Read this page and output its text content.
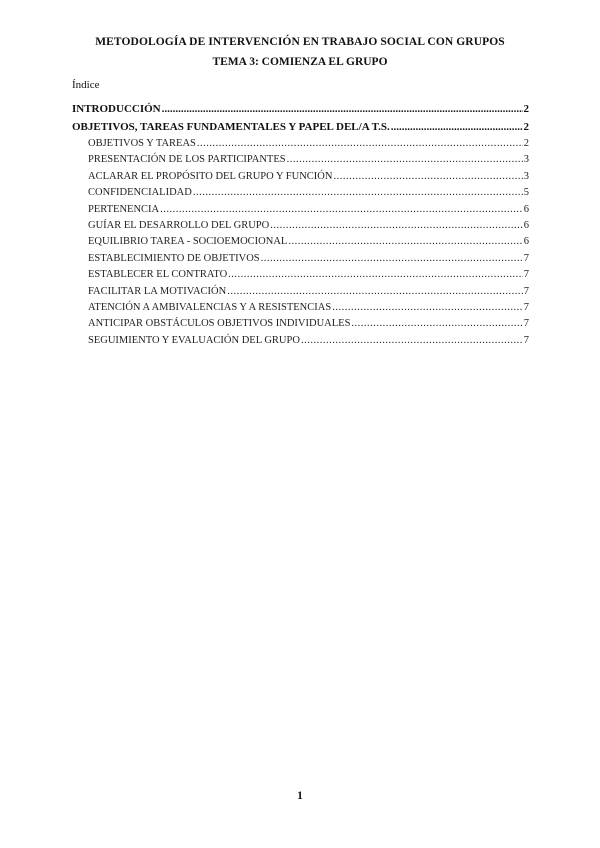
METODOLOGÍA DE INTERVENCIÓN EN TRABAJO SOCIAL CON GRUPOS
TEMA 3: COMIENZA EL GRUPO
Índice
INTRODUCCIÓN .....	2
OBJETIVOS, TAREAS FUNDAMENTALES Y PAPEL DEL/A T.S. .....	2
OBJETIVOS Y TAREAS .....	2
PRESENTACIÓN DE LOS PARTICIPANTES .....	3
ACLARAR EL PROPÓSITO DEL GRUPO Y FUNCIÓN .....	3
CONFIDENCIALIDAD .....	5
PERTENENCIA .....	6
GUÍAR EL DESARROLLO DEL GRUPO .....	6
EQUILIBRIO TAREA - SOCIOEMOCIONAL .....	6
ESTABLECIMIENTO DE OBJETIVOS .....	7
ESTABLECER EL CONTRATO .....	7
FACILITAR LA MOTIVACIÓN .....	7
ATENCIÓN A AMBIVALENCIAS Y A RESISTENCIAS .....	7
ANTICIPAR OBSTÁCULOS OBJETIVOS INDIVIDUALES .....	7
SEGUIMIENTO Y EVALUACIÓN DEL GRUPO .....	7
1
